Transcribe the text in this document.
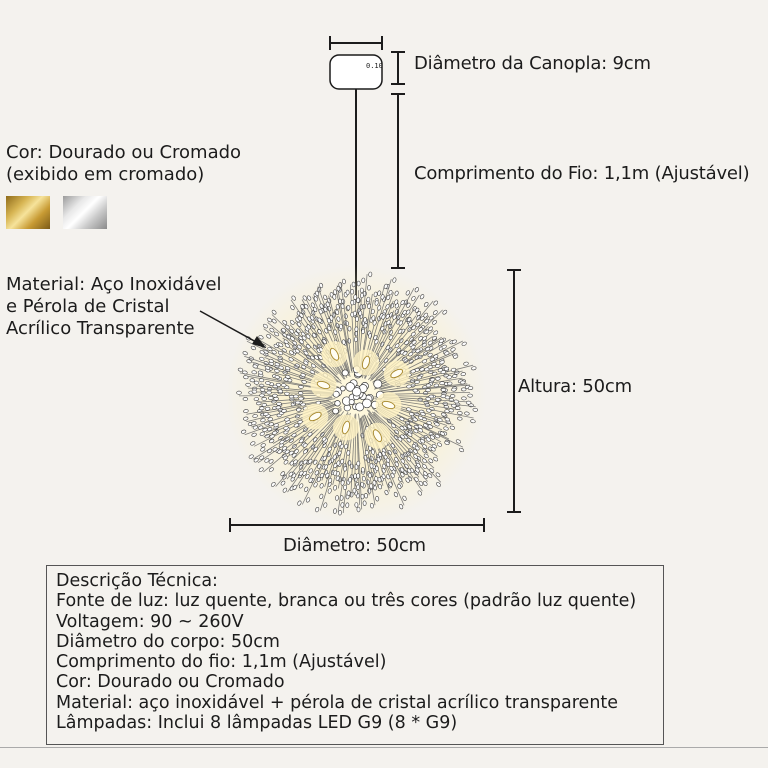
0.10 Diâmetro da Canopla: 9cm
Comprimento do Fio: 1,1m (Ajustável)
Altura: 50cm
Diâmetro: 50cm
Cor: Dourado ou Cromado
(exibido em cromado)
Material: Aço Inoxidável
e Pérola de Cristal
Acrílico Transparente
Descrição Técnica:
Fonte de luz: luz quente, branca ou três cores (padrão luz quente)
Voltagem: 90 ~ 260V
Diâmetro do corpo: 50cm
Comprimento do fio: 1,1m (Ajustável)
Cor: Dourado ou Cromado
Material: aço inoxidável + pérola de cristal acrílico transparente
Lâmpadas: Inclui 8 lâmpadas LED G9 (8 * G9)
